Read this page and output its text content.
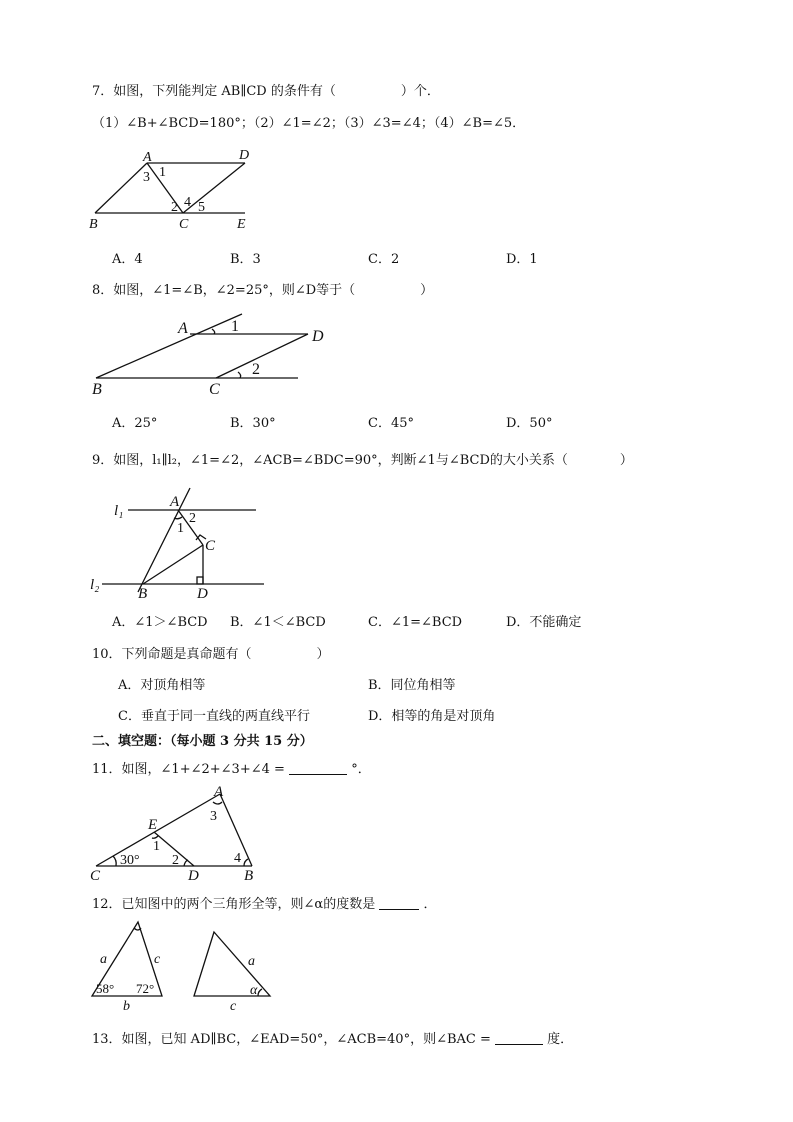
7．如图，下列能判定 AB∥CD 的条件有（　　　　　）个．
（1）∠B+∠BCD=180°；（2）∠1=∠2；（3）∠3=∠4；（4）∠B=∠5．
A	D
B	C	E
1
3
2 4 5
A．4	B．3	C．2	D．1
8．如图，∠1=∠B，∠2=25°，则∠D等于（　　　　　）
A	D
B	C
1
2
A．25°	B．30°	C．45°	D．50°
9．如图，l₁∥l₂，∠1=∠2，∠ACB=∠BDC=90°，判断∠1与∠BCD的大小关系（　　　　）
l₁
l₂
A
C
B	D
1
2
A．∠1＞∠BCD B．∠1＜∠BCD	C．∠1=∠BCD	D．不能确定
10．下列命题是真命题有（　　　　　）
A．对顶角相等	B．同位角相等
C．垂直于同一直线的两直线平行	D．相等的角是对顶角
二、填空题：（每小题 3 分共 15 分）
11．如图，∠1+∠2+∠3+∠4 =	°．
A
E
C	D	B
1
2
3
4
30°
12．已知图中的两个三角形全等，则∠α的度数是	．
a	c
b
58° 72°
a
c
α
13．如图，已知 AD∥BC，∠EAD=50°，∠ACB=40°，则∠BAC =	度．
